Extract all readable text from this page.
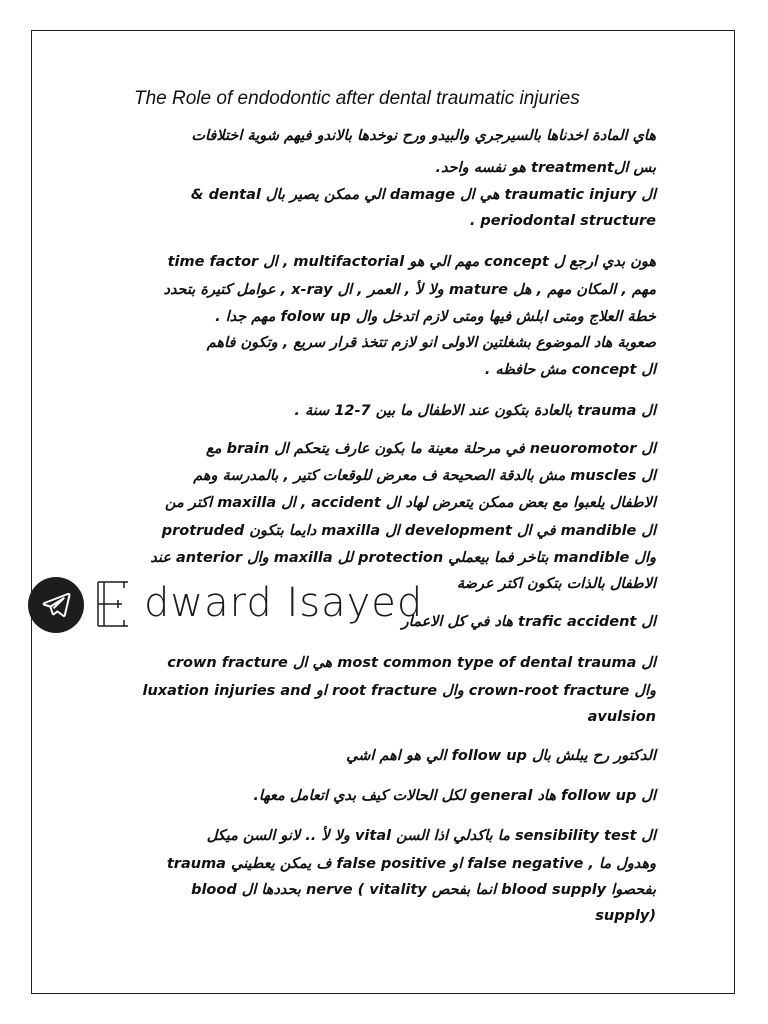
The Role of endodontic after dental traumatic injuries
هاي المادة اخدناها بالسيرجري والبيدو ورح نوخدها بالاندو فيهم شوية اختلافات
بس الtreatment هو نفسه واحد.
ال traumatic injury هي ال damage الي ممكن يصير بال dental &
. periodontal structure
هون بدي ارجع ل concept مهم الي هو multifactorial , ال time factor
مهم , المكان مهم , هل mature ولا لأ , العمر , ال x-ray , عوامل كتيرة بتحدد
خطة العلاج ومتى ابلش فيها ومتى لازم اتدخل وال folow up مهم جدا .
صعوبة هاد الموضوع بشغلتين الاولى انو لازم تتخذ قرار سريع , وتكون فاهم
ال concept مش حافظه .
ال trauma بالعادة بتكون عند الاطفال ما بين 7-12 سنة .
ال neuoromotor في مرحلة معينة ما بكون عارف يتحكم ال brain مع
ال muscles مش بالدقة الصحيحة ف معرض للوقعات كتير , بالمدرسة وهم
الاطفال يلعبوا مع بعض ممكن يتعرض لهاد ال accident , ال maxilla اكتر من
ال mandible في ال development ال maxilla دايما بتكون protruded
وال mandible بتاخر فما بيعملي protection لل maxilla وال anterior عند
الاطفال بالذات بتكون اكتر عرضة
ال trafic accident هاد في كل الاعمار
ال most common type of dental trauma هي ال crown fracture
وال crown-root fracture وال root fracture او luxation injuries and
avulsion
الدكتور رح يبلش بال follow up الي هو اهم اشي
ال follow up هاد general لكل الحالات كيف بدي اتعامل معها.
ال sensibility test ما باكدلي اذا السن vital ولا لأ .. لانو السن ميكل
trauma ف يمكن يعطيني false positive او false negative , وهدول ما
بفحصوا blood supply انما بفحص nerve ( vitality بحددها ال blood
supply)
dward Isayed
